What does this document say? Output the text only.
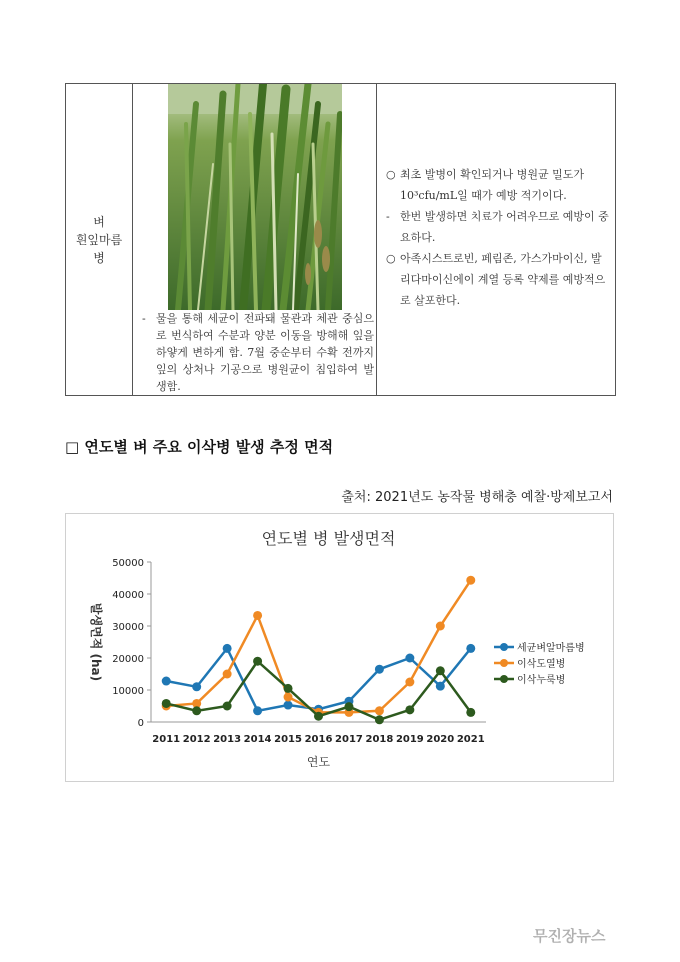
벼
흰잎마름
병
- 물을 통해 세균이 전파돼 물관과 체관 중심으로 번식하여 수분과 양분 이동을 방해해 잎을 하얗게 변하게 함. 7월 중순부터 수확 전까지 잎의 상처나 기공으로 병원균이 침입하여 발생함.
○ 최초 발병이 확인되거나 병원균 밀도가 10³cfu/mL일 때가 예방 적기이다.
- 한번 발생하면 치료가 어려우므로 예방이 중요하다.
○ 아족시스트로빈, 페림존, 가스가마이신, 발리다마이신에이 계열 등록 약제를 예방적으로 살포한다.
□ 연도별 벼 주요 이삭병 발생 추정 면적
출처: 2021년도 농작물 병해충 예찰·방제보고서
연도별 병 발생면적
0
10000
20000
30000
40000
50000
2011 2012 2013 2014 2015 2016 2017 2018 2019 2020 2021
연도
발생면적 (ha)	세균벼알마름병
이삭도열병
이삭누룩병
무진장뉴스
